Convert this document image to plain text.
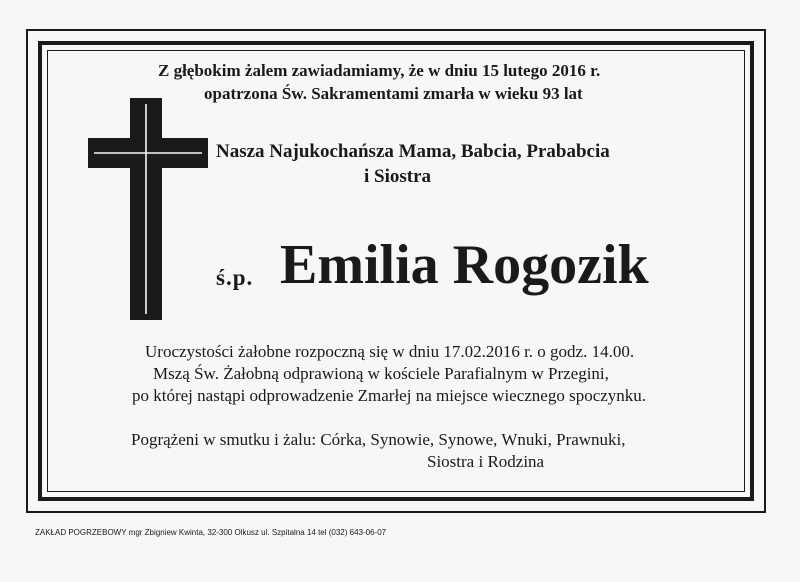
Z głębokim żalem zawiadamiamy, że w dniu 15 lutego 2016 r.
opatrzona Św. Sakramentami zmarła w wieku 93 lat
Nasza Najukochańsza Mama, Babcia, Prababcia
i Siostra
ś.p. Emilia Rogozik
Uroczystości żałobne rozpoczną się w dniu 17.02.2016 r. o godz. 14.00.
Mszą Św. Żałobną odprawioną w kościele Parafialnym w Przegini,
po której nastąpi odprowadzenie Zmarłej na miejsce wiecznego spoczynku.
Pogrążeni w smutku i żalu: Córka, Synowie, Synowe, Wnuki, Prawnuki,
Siostra i Rodzina
ZAKŁAD POGRZEBOWY mgr Zbigniew Kwinta, 32-300 Olkusz ul. Szpitalna 14 tel (032) 643-06-07
